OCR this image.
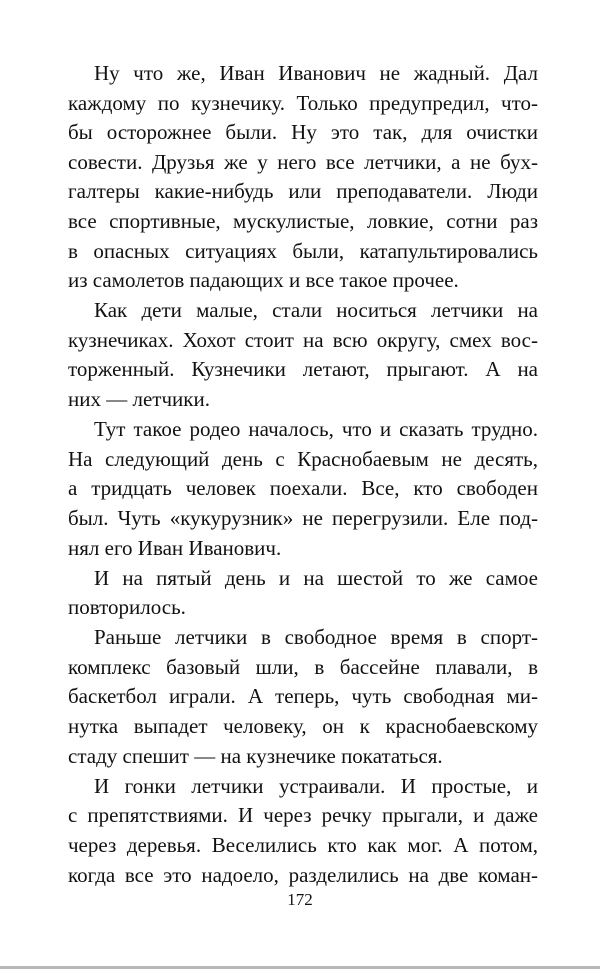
Ну что же, Иван Иванович не жадный. Дал
каждому по кузнечику. Только предупредил, что-
бы осторожнее были. Ну это так, для очистки
совести. Друзья же у него все летчики, а не бух-
галтеры какие-нибудь или преподаватели. Люди
все спортивные, мускулистые, ловкие, сотни раз
в опасных ситуациях были, катапультировались
из самолетов падающих и все такое прочее.
Как дети малые, стали носиться летчики на
кузнечиках. Хохот стоит на всю округу, смех вос-
торженный. Кузнечики летают, прыгают. А на
них — летчики.
Тут такое родео началось, что и сказать трудно.
На следующий день с Краснобаевым не десять,
а тридцать человек поехали. Все, кто свободен
был. Чуть «кукурузник» не перегрузили. Еле под-
нял его Иван Иванович.
И на пятый день и на шестой то же самое
повторилось.
Раньше летчики в свободное время в спорт-
комплекс базовый шли, в бассейне плавали, в
баскетбол играли. А теперь, чуть свободная ми-
нутка выпадет человеку, он к краснобаевскому
стаду спешит — на кузнечике покататься.
И гонки летчики устраивали. И простые, и
с препятствиями. И через речку прыгали, и даже
через деревья. Веселились кто как мог. А потом,
когда все это надоело, разделились на две коман-
172
